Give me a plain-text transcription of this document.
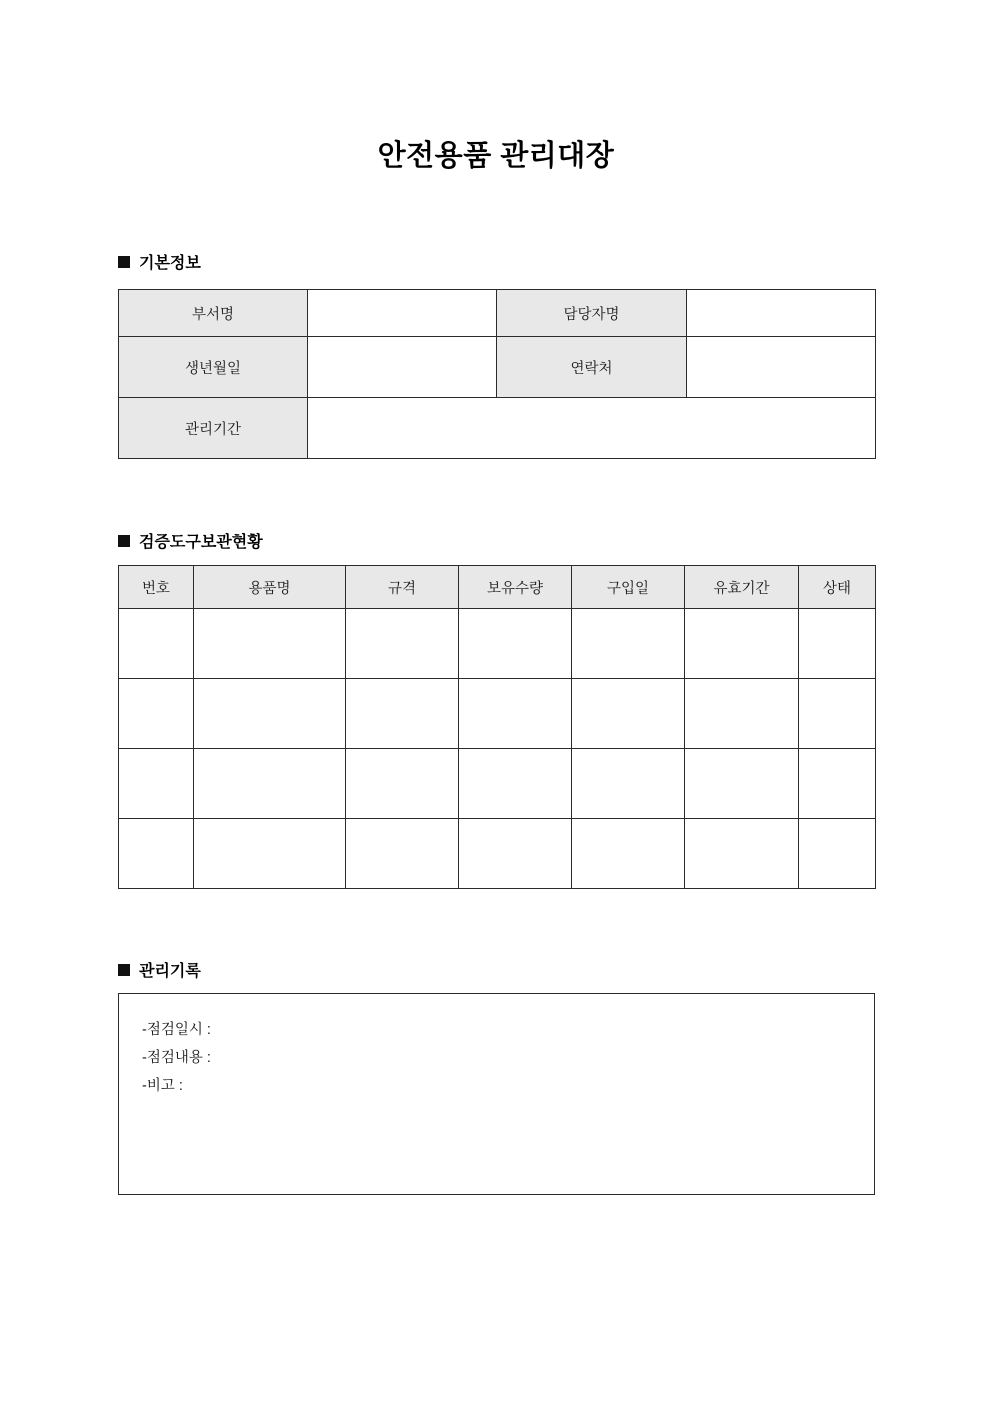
안전용품 관리대장
기본정보
부서명		담당자명	
생년월일		연락처	
관리기간			
검증도구보관현황
번호	용품명	규격	보유수량	구입일	유효기간	상태

관리기록
-점검일시 :
-점검내용 :
-비고 :
